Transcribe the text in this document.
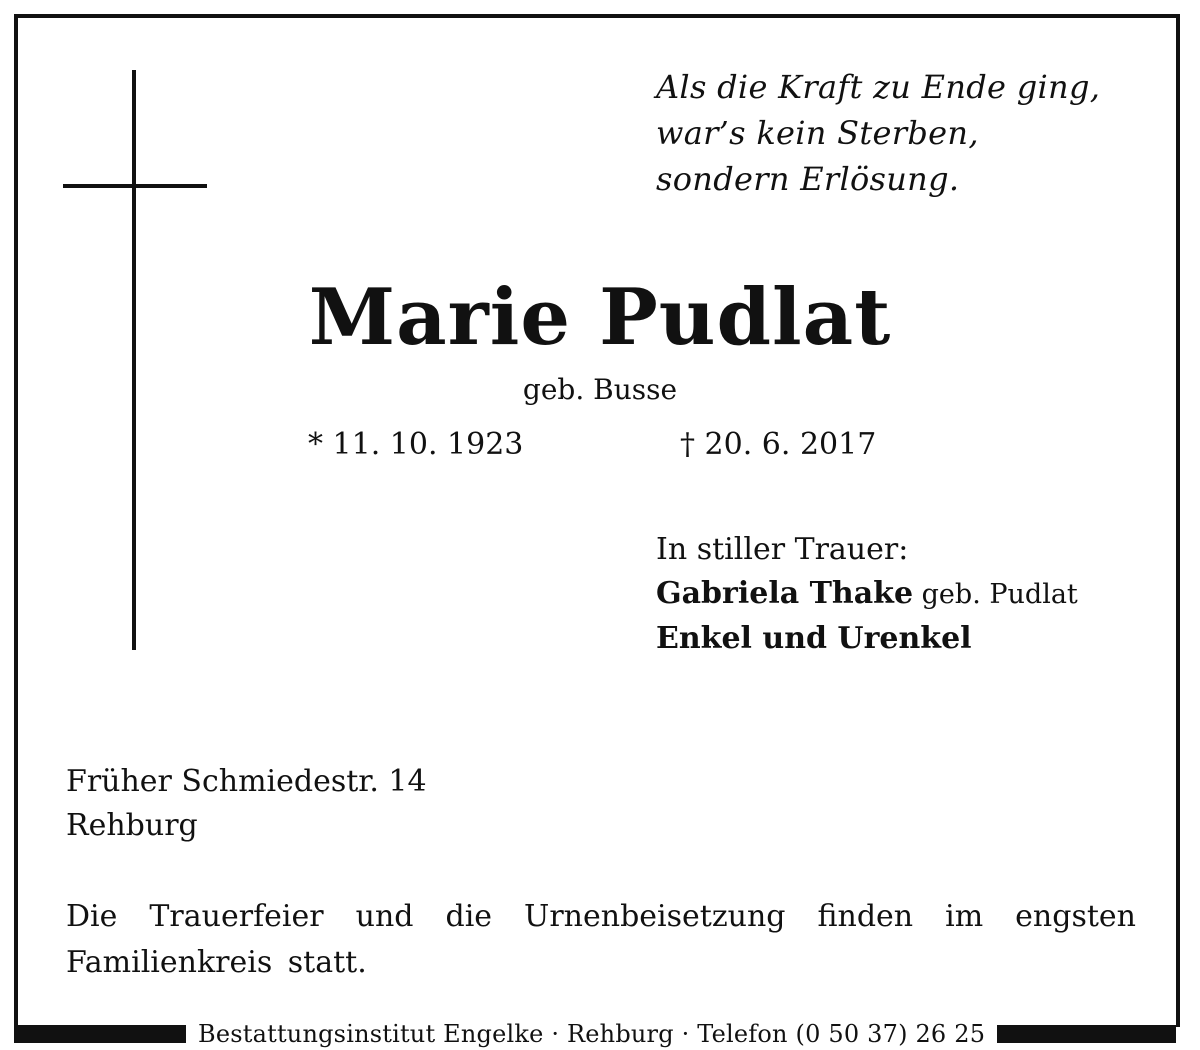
Als die Kraft zu Ende ging,
war’s kein Sterben,
sondern Erlösung.
Marie Pudlat
geb. Busse
* 11. 10. 1923	† 20. 6. 2017
In stiller Trauer:
Gabriela Thake geb. Pudlat
Enkel und Urenkel
Früher Schmiedestr. 14
Rehburg
Die Trauerfeier und die Urnenbeisetzung finden im engsten Familienkreis statt.
Bestattungsinstitut Engelke · Rehburg · Telefon (0 50 37) 26 25
